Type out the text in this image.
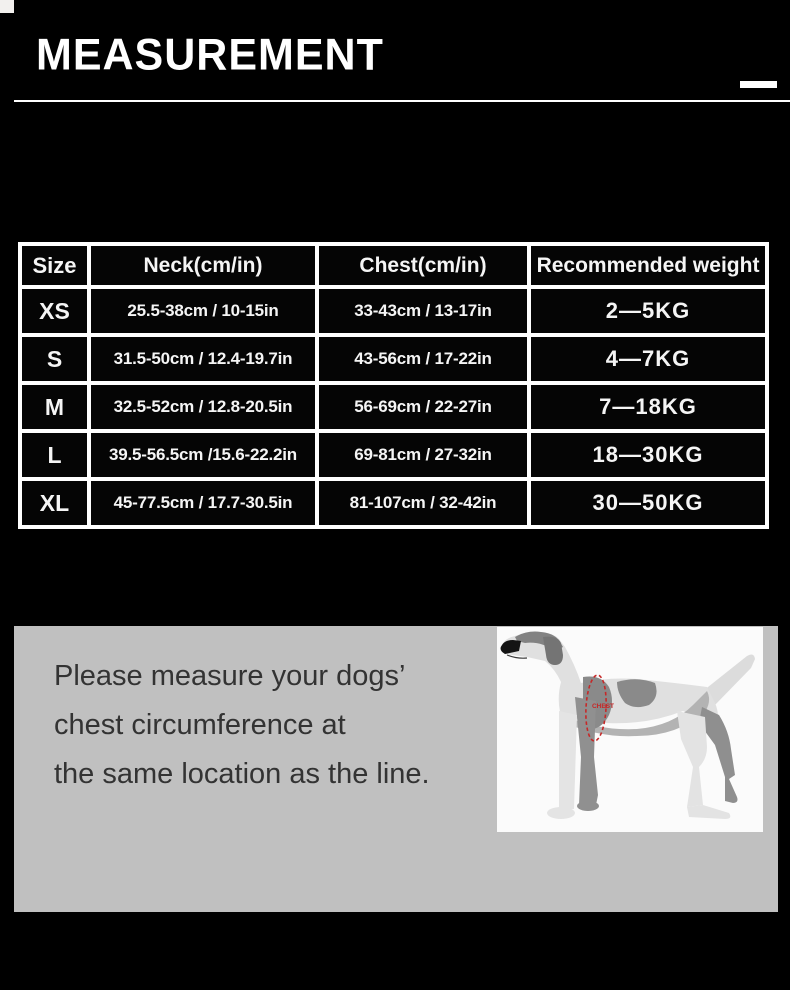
MEASUREMENT
Size	Neck(cm/in)	Chest(cm/in)	Recommended weight
XS	25.5-38cm / 10-15in	33-43cm / 13-17in	2—5KG
S	31.5-50cm / 12.4-19.7in	43-56cm / 17-22in	4—7KG
M	32.5-52cm / 12.8-20.5in	56-69cm / 22-27in	7—18KG
L	39.5-56.5cm /15.6-22.2in	69-81cm / 27-32in	18—30KG
XL	45-77.5cm / 17.7-30.5in	81-107cm / 32-42in	30—50KG
Please measure your dogs’
chest circumference at
the same location as the line.
CHEST
